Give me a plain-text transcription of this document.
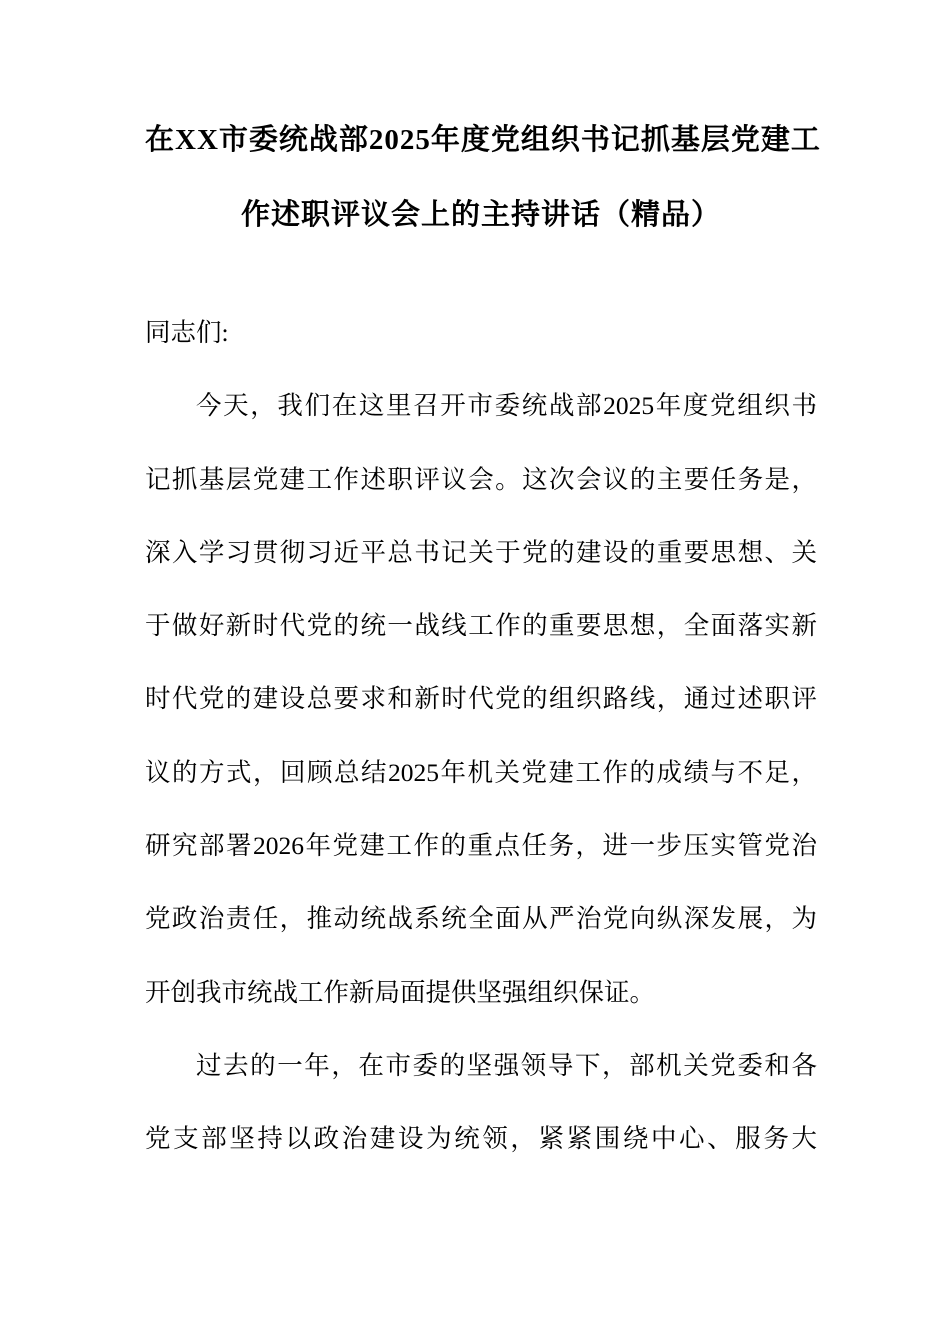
在XX市委统战部2025年度党组织书记抓基层党建工
作述职评议会上的主持讲话（精品）
同志们:
今天，我们在这里召开市委统战部2025年度党组织书
记抓基层党建工作述职评议会。这次会议的主要任务是，
深入学习贯彻习近平总书记关于党的建设的重要思想、关
于做好新时代党的统一战线工作的重要思想，全面落实新
时代党的建设总要求和新时代党的组织路线，通过述职评
议的方式，回顾总结2025年机关党建工作的成绩与不足，
研究部署2026年党建工作的重点任务，进一步压实管党治
党政治责任，推动统战系统全面从严治党向纵深发展，为
开创我市统战工作新局面提供坚强组织保证。
过去的一年，在市委的坚强领导下，部机关党委和各
党支部坚持以政治建设为统领，紧紧围绕中心、服务大
